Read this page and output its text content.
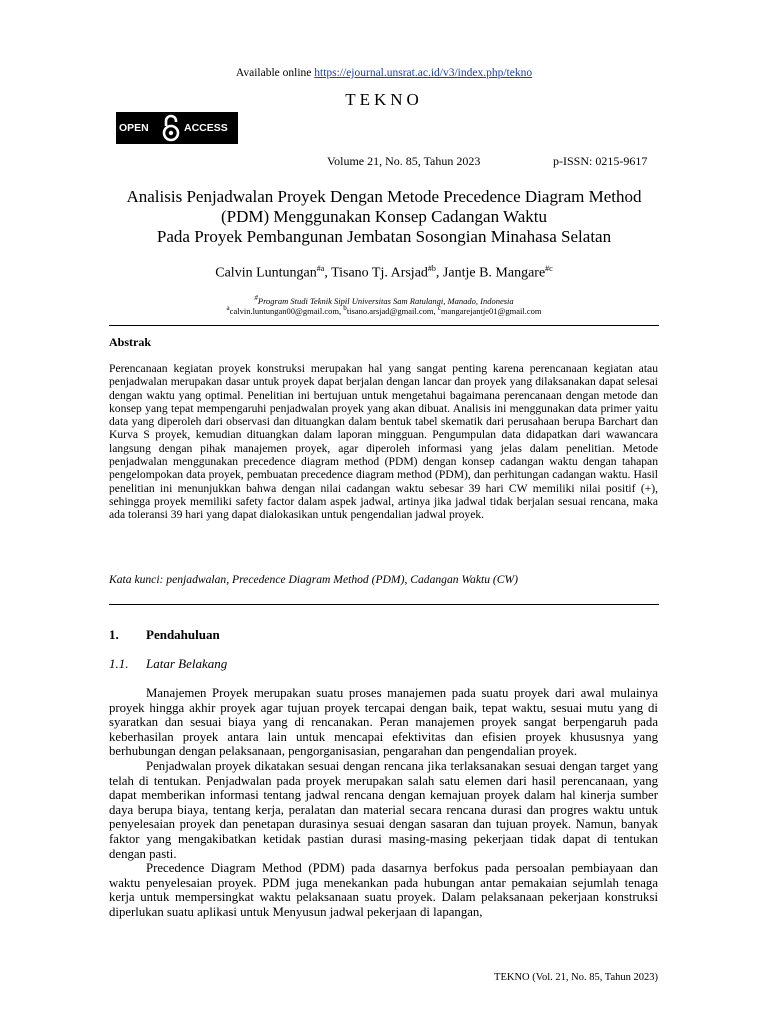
Available online https://ejournal.unsrat.ac.id/v3/index.php/tekno
TEKNO
OPEN	ACCESS
Volume 21, No. 85, Tahun 2023	p-ISSN: 0215-9617
Analisis Penjadwalan Proyek Dengan Metode Precedence Diagram Method
(PDM) Menggunakan Konsep Cadangan Waktu
Pada Proyek Pembangunan Jembatan Sosongian Minahasa Selatan
Calvin Luntungan$^{\#a}$, Tisano Tj. Arsjad$^{\#b}$, Jantje B. Mangare$^{\#c}$
#Program Studi Teknik Sipil Universitas Sam Ratulangi, Manado, Indonesia
$^a$calvin.luntungan00@gmail.com, $^b$tisano.arsjad@gmail.com, $^c$mangarejantje01@gmail.com
Abstrak
Perencanaan kegiatan proyek konstruksi merupakan hal yang sangat penting karena perencanaan kegiatan atau penjadwalan merupakan dasar untuk proyek dapat berjalan dengan lancar dan proyek yang dilaksanakan dapat selesai dengan waktu yang optimal. Penelitian ini bertujuan untuk mengetahui bagaimana perencanaan dengan metode dan konsep yang tepat mempengaruhi penjadwalan proyek yang akan dibuat. Analisis ini menggunakan data primer yaitu data yang diperoleh dari observasi dan dituangkan dalam bentuk tabel skematik dari perusahaan berupa Barchart dan Kurva S proyek, kemudian dituangkan dalam laporan mingguan. Pengumpulan data didapatkan dari wawancara langsung dengan pihak manajemen proyek, agar diperoleh informasi yang jelas dalam penelitian. Metode penjadwalan menggunakan precedence diagram method (PDM) dengan konsep cadangan waktu dengan tahapan pengelompokan data proyek, pembuatan precedence diagram method (PDM), dan perhitungan cadangan waktu. Hasil penelitian ini menunjukkan bahwa dengan nilai cadangan waktu sebesar 39 hari CW memiliki nilai positif (+), sehingga proyek memiliki safety factor dalam aspek jadwal, artinya jika jadwal tidak berjalan sesuai rencana, maka ada toleransi 39 hari yang dapat dialokasikan untuk pengendalian jadwal proyek.
Kata kunci: penjadwalan, Precedence Diagram Method (PDM), Cadangan Waktu (CW)
1. Pendahuluan
1.1. Latar Belakang

Manajemen Proyek merupakan suatu proses manajemen pada suatu proyek dari awal mulainya proyek hingga akhir proyek agar tujuan proyek tercapai dengan baik, tepat waktu, sesuai mutu yang di syaratkan dan sesuai biaya yang di rencanakan. Peran manajemen proyek sangat berpengaruh pada keberhasilan proyek antara lain untuk mencapai efektivitas dan efisien proyek khususnya yang berhubungan dengan pelaksanaan, pengorganisasian, pengarahan dan pengendalian proyek.

Penjadwalan proyek dikatakan sesuai dengan rencana jika terlaksanakan sesuai dengan target yang telah di tentukan. Penjadwalan pada proyek merupakan salah satu elemen dari hasil perencanaan, yang dapat memberikan informasi tentang jadwal rencana dengan kemajuan proyek dalam hal kinerja sumber daya berupa biaya, tentang kerja, peralatan dan material secara rencana durasi dan progres waktu untuk penyelesaian proyek dan penetapan durasinya sesuai dengan sasaran dan tujuan proyek. Namun, banyak faktor yang mengakibatkan ketidak pastian durasi masing-masing pekerjaan tidak dapat di tentukan dengan pasti.

Precedence Diagram Method (PDM) pada dasarnya berfokus pada persoalan pembiayaan dan waktu penyelesaian proyek. PDM juga menekankan pada hubungan antar pemakaian sejumlah tenaga kerja untuk mempersingkat waktu pelaksanaan suatu proyek. Dalam pelaksanaan pekerjaan konstruksi diperlukan suatu aplikasi untuk Menyusun jadwal pekerjaan di lapangan,

TEKNO (Vol. 21, No. 85, Tahun 2023)
